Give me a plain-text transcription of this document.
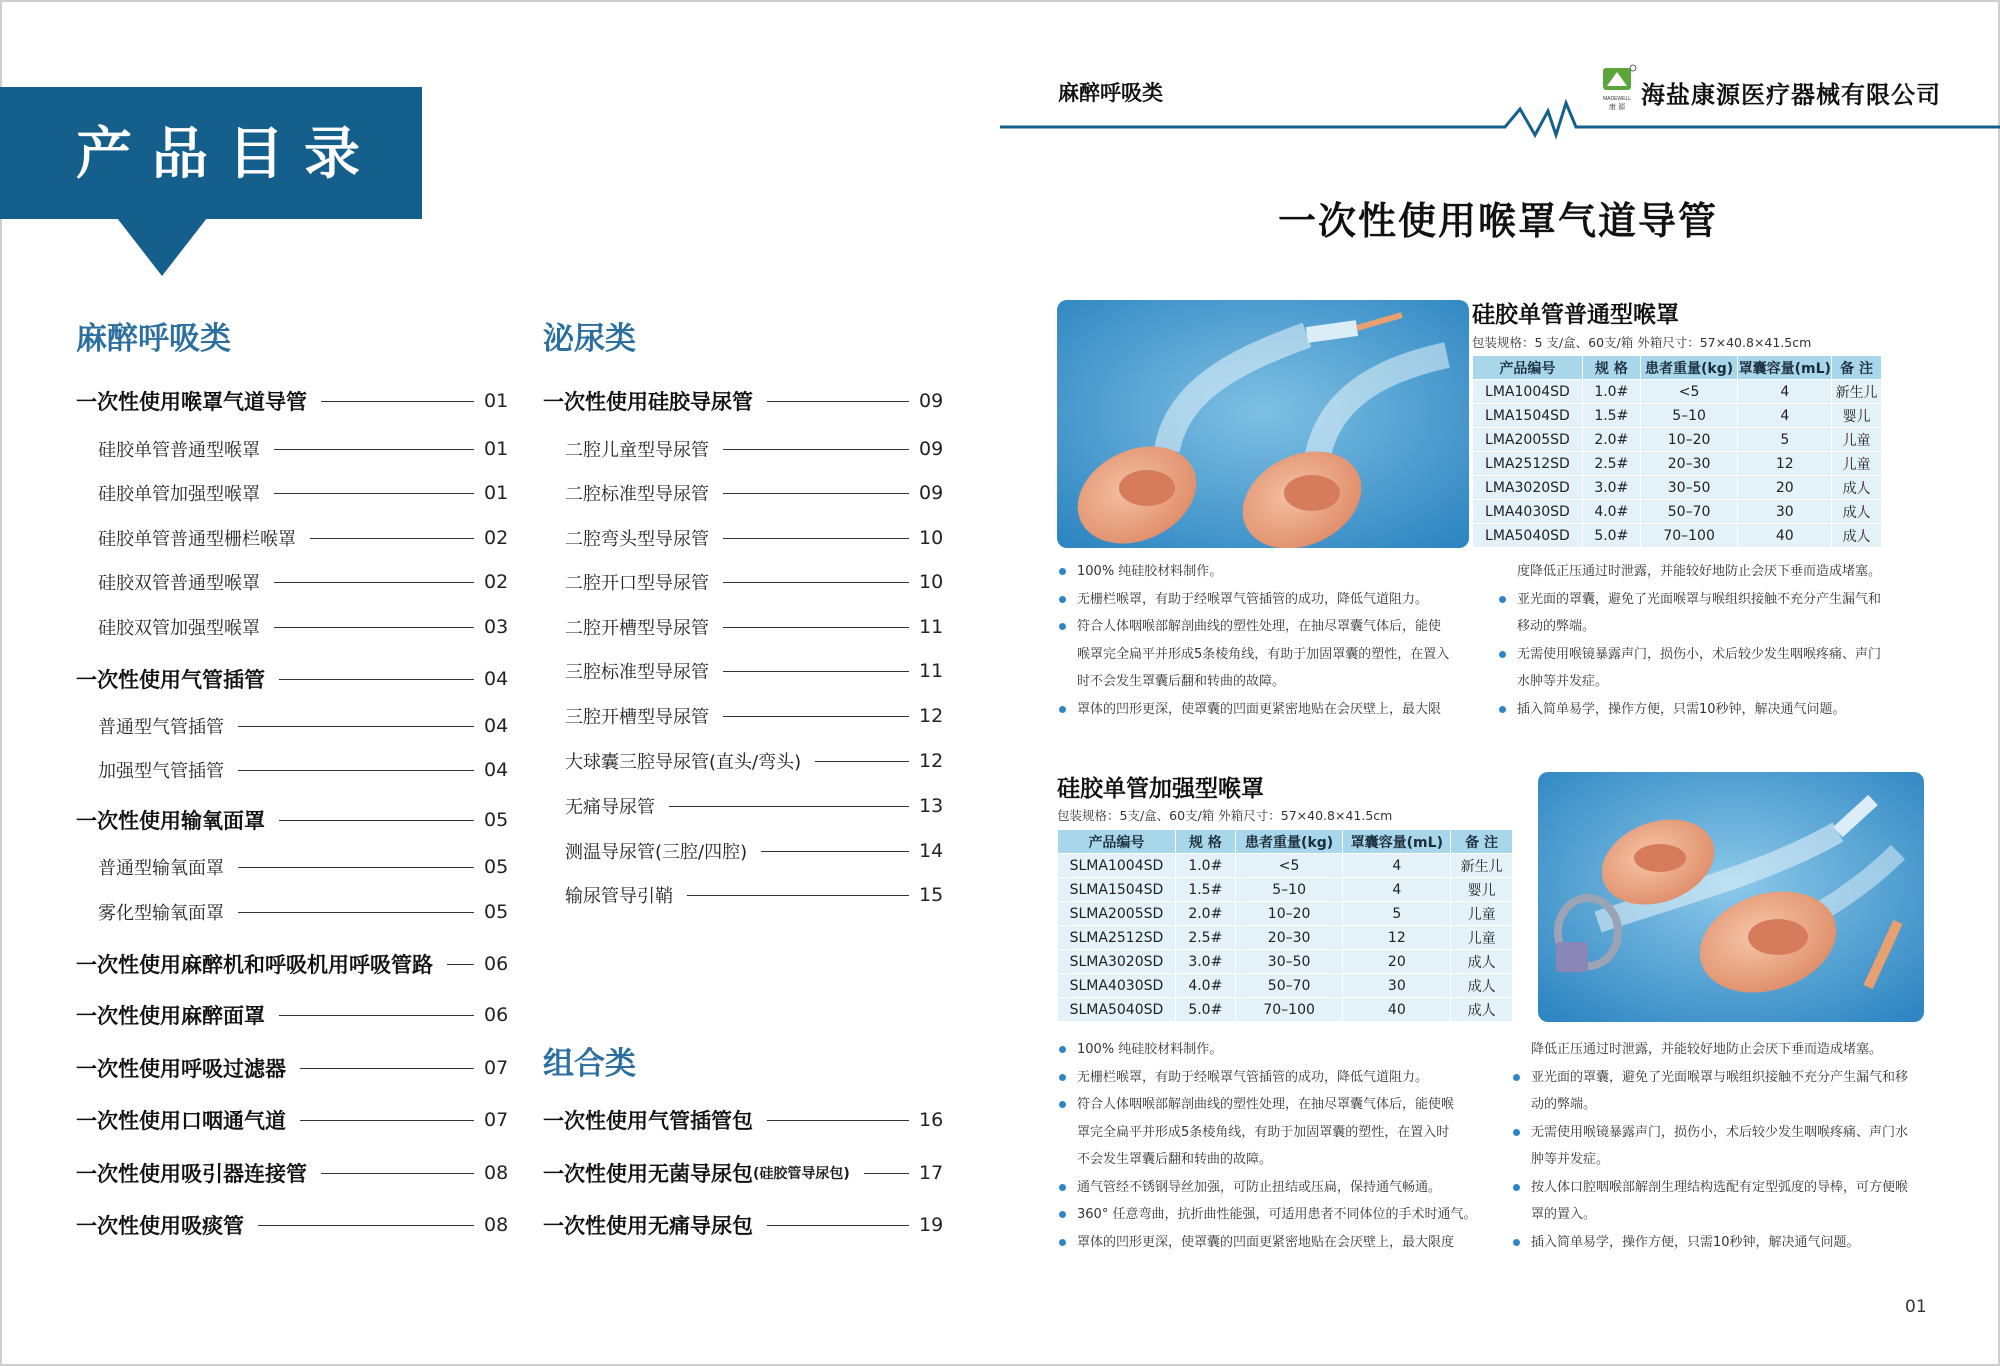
产品目录
麻醉呼吸类	泌尿类
组合类
一次性使用喉罩气道导管	01
硅胶单管普通型喉罩	01
硅胶单管加强型喉罩	01
硅胶单管普通型栅栏喉罩	02
硅胶双管普通型喉罩	02
硅胶双管加强型喉罩	03
一次性使用气管插管	04
普通型气管插管	04
加强型气管插管	04
一次性使用输氧面罩	05
普通型输氧面罩	05
雾化型输氧面罩	05
一次性使用麻醉机和呼吸机用呼吸管路	06
一次性使用麻醉面罩	06
一次性使用呼吸过滤器	07
一次性使用口咽通气道	07
一次性使用吸引器连接管	08
一次性使用吸痰管	08
一次性使用硅胶导尿管	09
二腔儿童型导尿管	09
二腔标准型导尿管	09
二腔弯头型导尿管	10
二腔开口型导尿管	10
二腔开槽型导尿管	11
三腔标准型导尿管	11
三腔开槽型导尿管	12
大球囊三腔导尿管(直头/弯头)	12
无痛导尿管	13
测温导尿管(三腔/四腔)	14
输尿管导引鞘	15
一次性使用气管插管包	16
一次性使用无菌导尿包 (硅胶管导尿包)	17
一次性使用无痛导尿包	19
麻醉呼吸类	MADEWELL
康 源 海盐康源医疗器械有限公司
一次性使用喉罩气道导管
硅胶单管普通型喉罩
包装规格：5 支/盒、60支/箱 外箱尺寸：57×40.8×41.5cm
产品编号	规 格	患者重量(kg)	罩囊容量(mL)	备 注
LMA1004SD	1.0#	<5	4	新生儿
LMA1504SD	1.5#	5–10	4	婴儿
LMA2005SD	2.0#	10–20	5	儿童
LMA2512SD	2.5#	20–30	12	儿童
LMA3020SD	3.0#	30–50	20	成人
LMA4030SD	4.0#	50–70	30	成人
LMA5040SD	5.0#	70–100	40	成人
100% 纯硅胶材料制作。
无栅栏喉罩，有助于经喉罩气管插管的成功，降低气道阻力。
符合人体咽喉部解剖曲线的塑性处理，在抽尽罩囊气体后，能使
喉罩完全扁平并形成5条棱角线，有助于加固罩囊的塑性，在置入
时不会发生罩囊后翻和转曲的故障。
罩体的凹形更深，使罩囊的凹面更紧密地贴在会厌壁上，最大限
度降低正压通过时泄露，并能较好地防止会厌下垂而造成堵塞。
亚光面的罩囊，避免了光面喉罩与喉组织接触不充分产生漏气和
移动的弊端。
无需使用喉镜暴露声门，损伤小，术后较少发生咽喉疼痛、声门
水肿等并发症。
插入简单易学，操作方便，只需10秒钟，解决通气问题。
硅胶单管加强型喉罩
包装规格：5支/盒、60支/箱 外箱尺寸：57×40.8×41.5cm
产品编号	规 格	患者重量(kg)	罩囊容量(mL)	备 注
SLMA1004SD	1.0#	<5	4	新生儿
SLMA1504SD	1.5#	5–10	4	婴儿
SLMA2005SD	2.0#	10–20	5	儿童
SLMA2512SD	2.5#	20–30	12	儿童
SLMA3020SD	3.0#	30–50	20	成人
SLMA4030SD	4.0#	50–70	30	成人
SLMA5040SD	5.0#	70–100	40	成人
100% 纯硅胶材料制作。
无栅栏喉罩，有助于经喉罩气管插管的成功，降低气道阻力。
符合人体咽喉部解剖曲线的塑性处理，在抽尽罩囊气体后，能使喉
罩完全扁平并形成5条棱角线，有助于加固罩囊的塑性，在置入时
不会发生罩囊后翻和转曲的故障。
通气管经不锈钢导丝加强，可防止扭结或压扁，保持通气畅通。
360° 任意弯曲，抗折曲性能强，可适用患者不同体位的手术时通气。
罩体的凹形更深，使罩囊的凹面更紧密地贴在会厌壁上，最大限度
降低正压通过时泄露，并能较好地防止会厌下垂而造成堵塞。
亚光面的罩囊，避免了光面喉罩与喉组织接触不充分产生漏气和移
动的弊端。
无需使用喉镜暴露声门，损伤小，术后较少发生咽喉疼痛、声门水
肿等并发症。
按人体口腔咽喉部解剖生理结构选配有定型弧度的导棒，可方便喉
罩的置入。
插入简单易学，操作方便，只需10秒钟，解决通气问题。
01
